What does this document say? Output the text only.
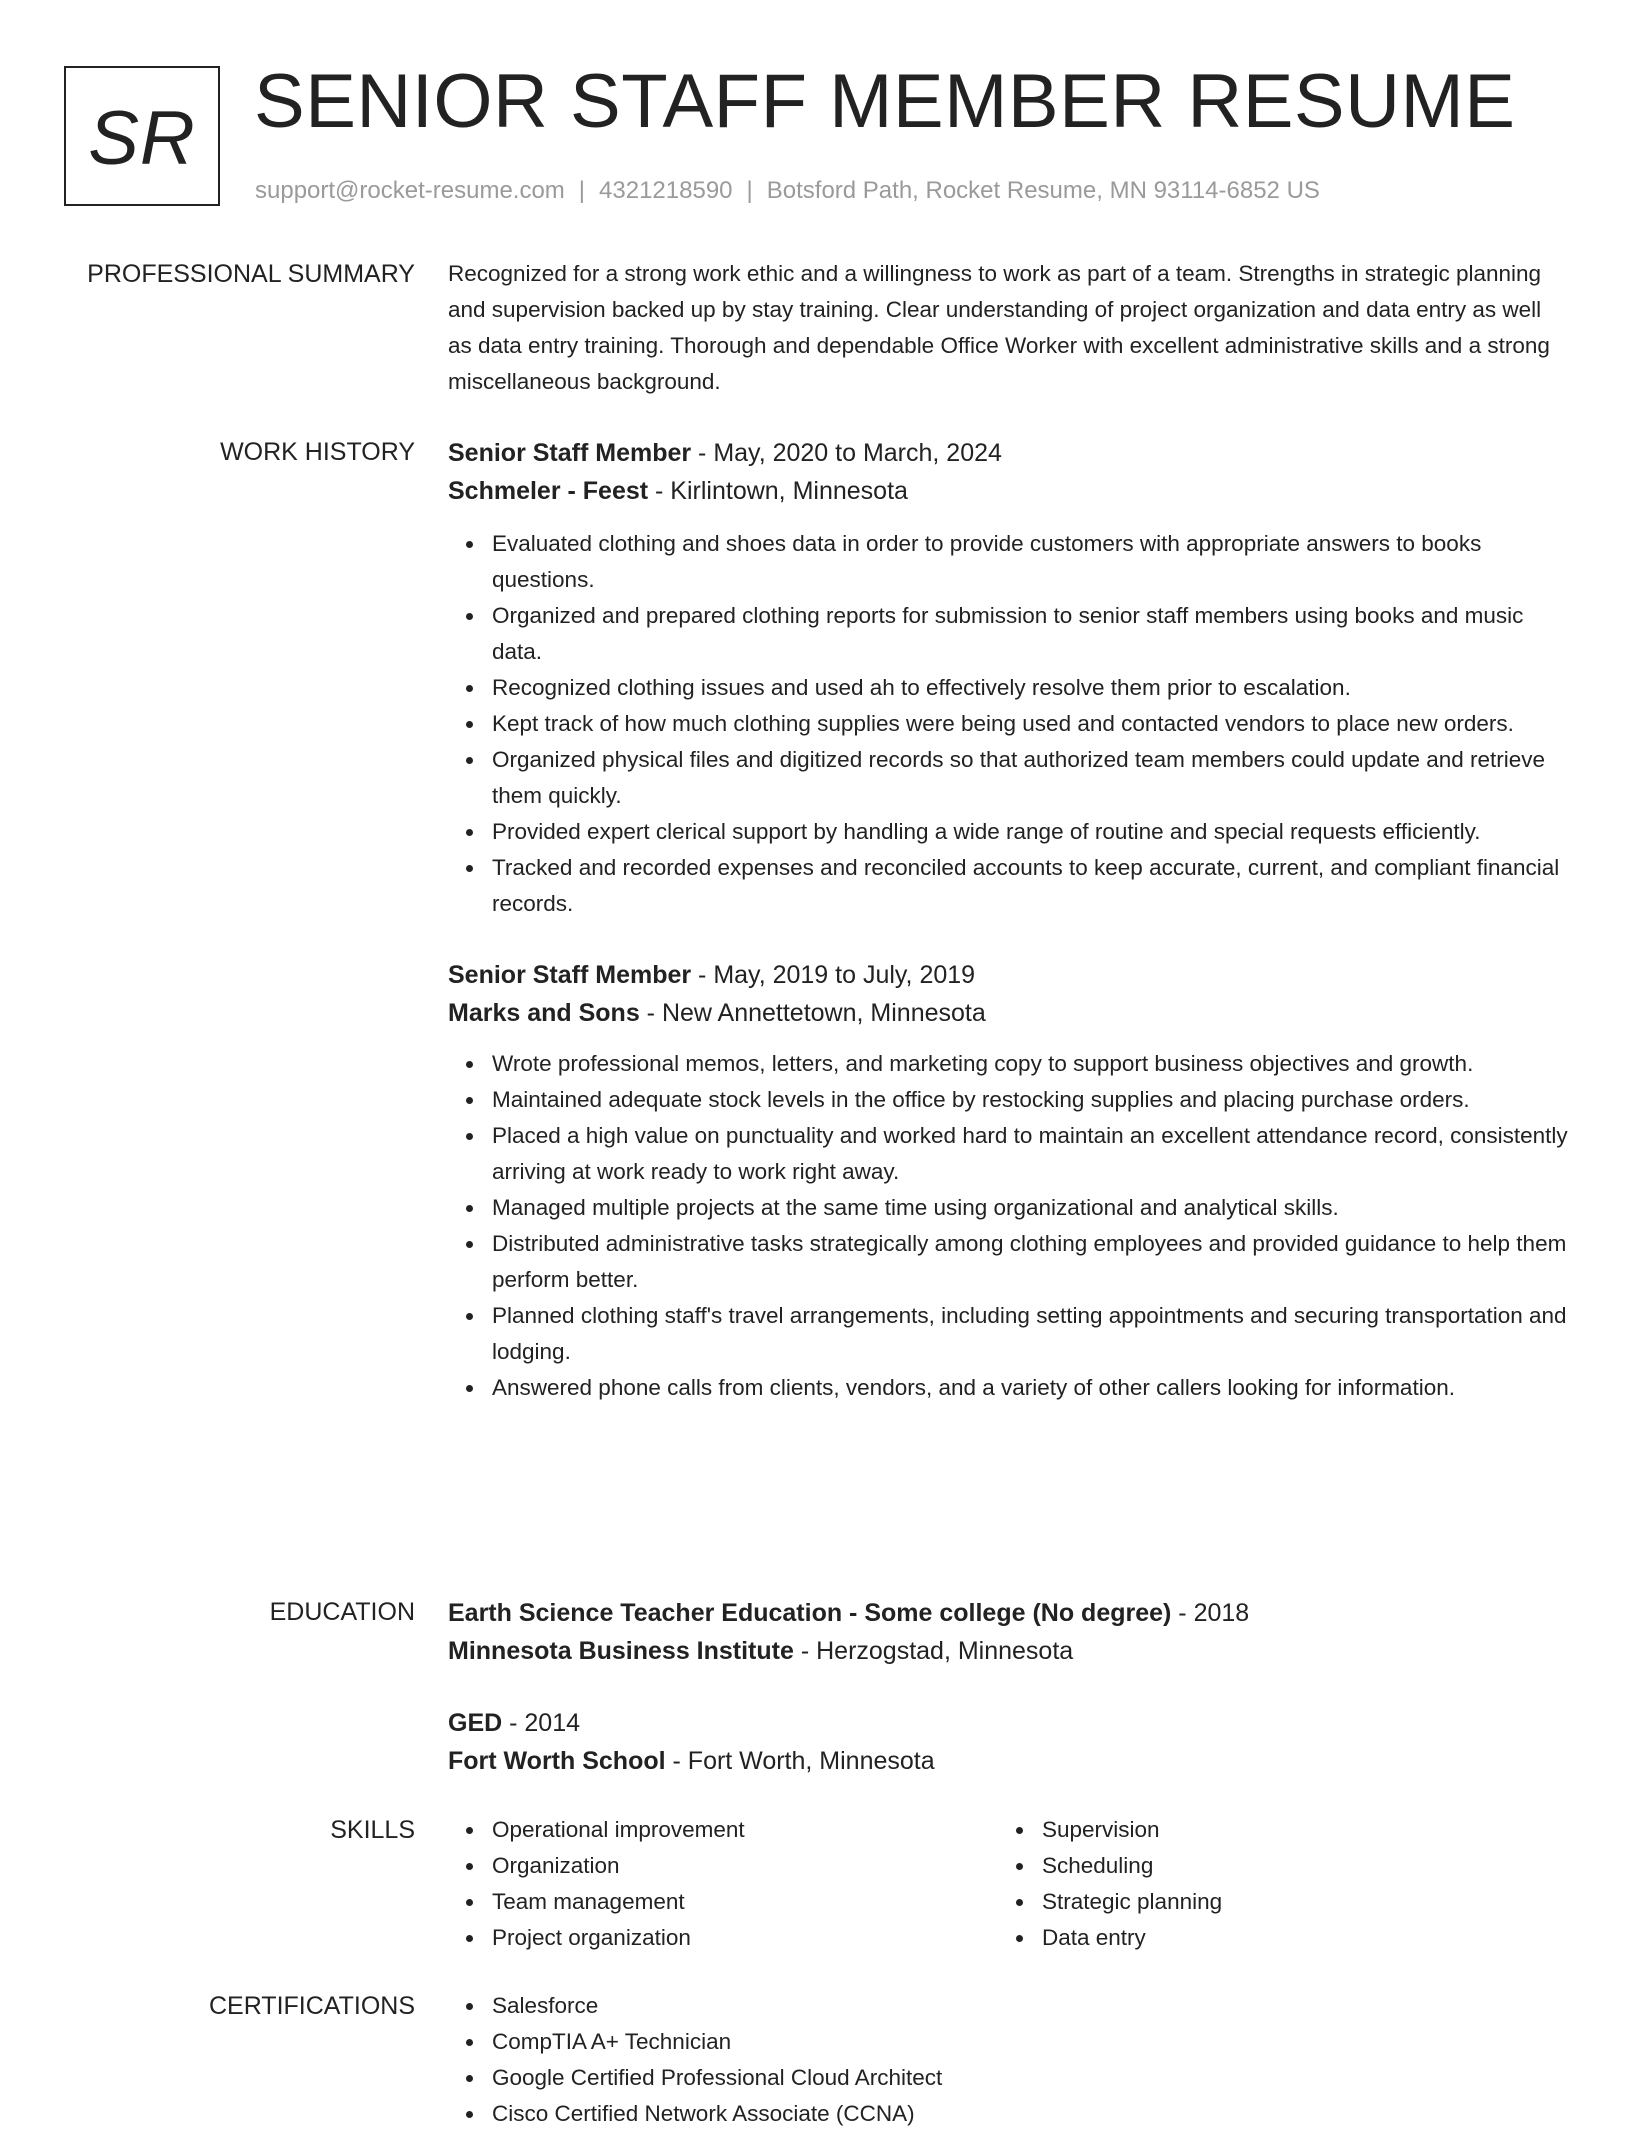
SR SENIOR STAFF MEMBER RESUME
support@rocket-resume.com | 4321218590 | Botsford Path, Rocket Resume, MN 93114-6852 US
PROFESSIONAL SUMMARY Recognized for a strong work ethic and a willingness to work as part of a team. Strengths in strategic planning and supervision backed up by stay training. Clear understanding of project organization and data entry as well as data entry training. Thorough and dependable Office Worker with excellent administrative skills and a strong miscellaneous background.

WORK HISTORY Senior Staff Member - May, 2020 to March, 2024
Schmeler - Feest - Kirlintown, Minnesota
Evaluated clothing and shoes data in order to provide customers with appropriate answers to books questions.
Organized and prepared clothing reports for submission to senior staff members using books and music data.
Recognized clothing issues and used ah to effectively resolve them prior to escalation.
Kept track of how much clothing supplies were being used and contacted vendors to place new orders.
Organized physical files and digitized records so that authorized team members could update and retrieve them quickly.
Provided expert clerical support by handling a wide range of routine and special requests efficiently.
Tracked and recorded expenses and reconciled accounts to keep accurate, current, and compliant financial records.
Senior Staff Member - May, 2019 to July, 2019
Marks and Sons - New Annettetown, Minnesota
Wrote professional memos, letters, and marketing copy to support business objectives and growth.
Maintained adequate stock levels in the office by restocking supplies and placing purchase orders.
Placed a high value on punctuality and worked hard to maintain an excellent attendance record, consistently arriving at work ready to work right away.
Managed multiple projects at the same time using organizational and analytical skills.
Distributed administrative tasks strategically among clothing employees and provided guidance to help them perform better.
Planned clothing staff's travel arrangements, including setting appointments and securing transportation and lodging.
Answered phone calls from clients, vendors, and a variety of other callers looking for information.
EDUCATION Earth Science Teacher Education - Some college (No degree) - 2018
Minnesota Business Institute - Herzogstad, Minnesota
GED - 2014
Fort Worth School - Fort Worth, Minnesota
SKILLS	Operational improvement
Organization
Team management
Project organization
Supervision
Scheduling
Strategic planning
Data entry
CERTIFICATIONS	Salesforce
CompTIA A+ Technician
Google Certified Professional Cloud Architect
Cisco Certified Network Associate (CCNA)
